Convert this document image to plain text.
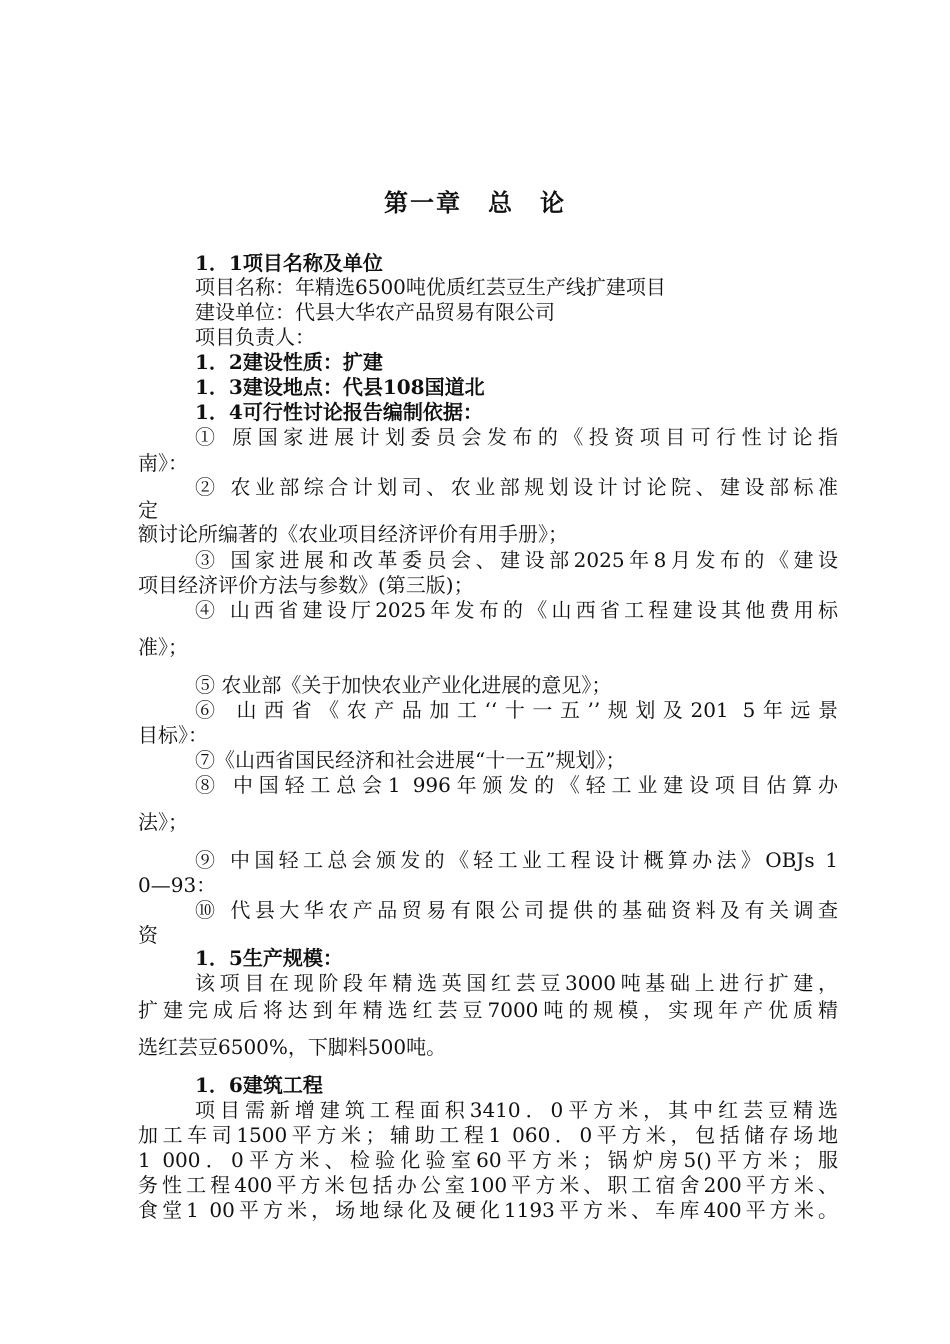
第一章　总　论
1．1项目名称及单位
项目名称：年精选6500吨优质红芸豆生产线扩建项目
建设单位：代县大华农产品贸易有限公司
项目负责人：
1．2建设性质：扩建
1．3建设地点：代县108国道北
1．4可行性讨论报告编制依据：
① 原国家进展计划委员会发布的《投资项目可行性讨论指
南》：
② 农业部综合计划司、农业部规划设计讨论院、建设部标准
定
额讨论所编著的《农业项目经济评价有用手册》；
③ 国家进展和改革委员会、建设部2025年8月发布的《建设
项目经济评价方法与参数》(第三版)；
④ 山西省建设厅2025年发布的《山西省工程建设其他费用标
准》；
⑤ 农业部《关于加快农业产业化进展的意见》；
⑥ 山西省《农产品加工‘‘十一五’’规划及201 5年远景
目标》：
⑦《山西省国民经济和社会进展“十一五”规划》；
⑧ 中国轻工总会1 996年颁发的《轻工业建设项目估算办
法》；
⑨ 中国轻工总会颁发的《轻工业工程设计概算办法》OBJs 1
0—93：
⑩ 代县大华农产品贸易有限公司提供的基础资料及有关调查
资
1．5生产规模：
该项目在现阶段年精选英国红芸豆3000吨基础上进行扩建，
扩建完成后将达到年精选红芸豆7000吨的规模，实现年产优质精
选红芸豆6500%，下脚料500吨。
1．6建筑工程
项目需新增建筑工程面积3410．0平方米，其中红芸豆精选
加工车司1500平方米；辅助工程1 060．0平方米，包括储存场地
1 000．0平方米、检验化验室60平方米；锅炉房5()平方米；服
务性工程400平方米包括办公室100平方米、职工宿舍200平方米、
食堂1 00平方米，场地绿化及硬化1193平方米、车库400平方米。
